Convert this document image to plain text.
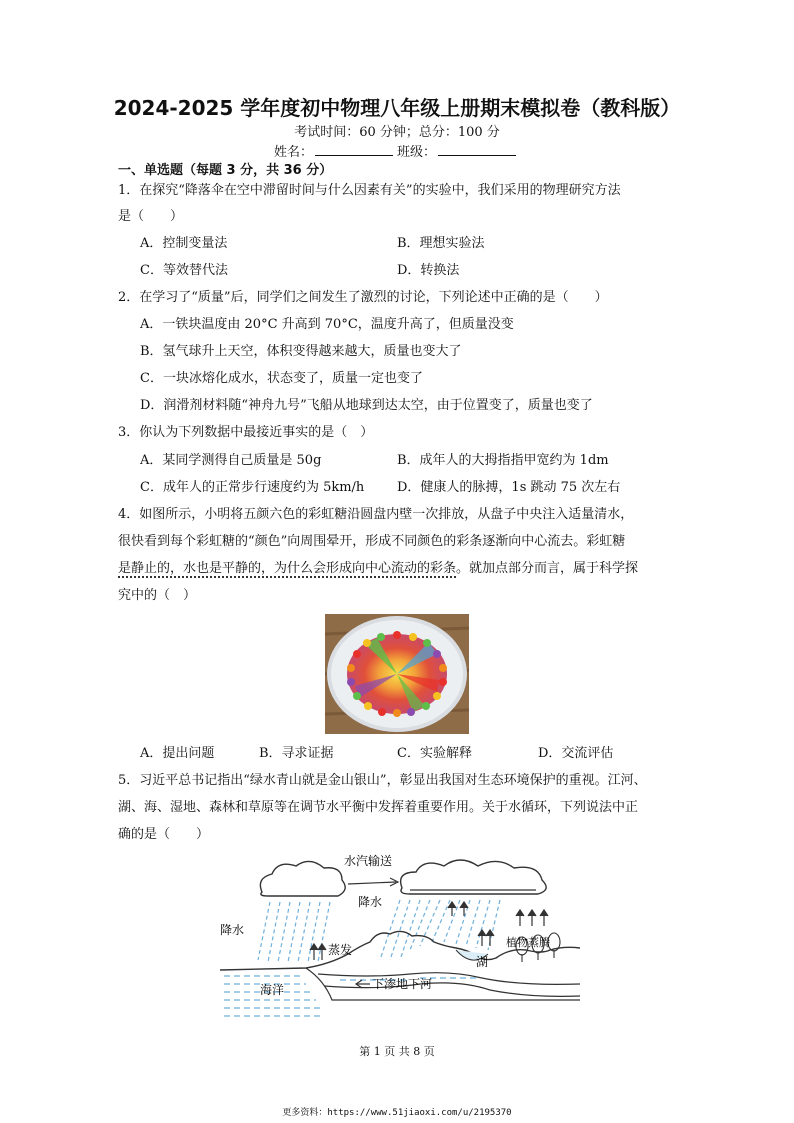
2024-2025 学年度初中物理八年级上册期末模拟卷（教科版）
考试时间：60 分钟；总分：100 分
姓名：	班级：
一、单选题（每题 3 分，共 36 分）
1．在探究“降落伞在空中滞留时间与什么因素有关”的实验中，我们采用的物理研究方法
是（　　）
A．控制变量法	B．理想实验法
C．等效替代法	D．转换法
2．在学习了“质量”后，同学们之间发生了激烈的讨论，下列论述中正确的是（　　）
A．一铁块温度由 20°C 升高到 70°C，温度升高了，但质量没变
B．氢气球升上天空，体积变得越来越大，质量也变大了
C．一块冰熔化成水，状态变了，质量一定也变了
D．润滑剂材料随“神舟九号”飞船从地球到达太空，由于位置变了，质量也变了
3．你认为下列数据中最接近事实的是（　）
A．某同学测得自己质量是 50g	B．成年人的大拇指指甲宽约为 1dm
C．成年人的正常步行速度约为 5km/h	D．健康人的脉搏，1s 跳动 75 次左右
4．如图所示，小明将五颜六色的彩虹糖沿圆盘内壁一次排放，从盘子中央注入适量清水，
很快看到每个彩虹糖的“颜色”向周围晕开，形成不同颜色的彩条逐渐向中心流去。彩虹糖
是静止的，水也是平静的，为什么会形成向中心流动的彩条。就加点部分而言，属于科学探
究中的（　）
A．提出问题	B．寻求证据	C．实验解释	D．交流评估
5．习近平总书记指出“绿水青山就是金山银山”，彰显出我国对生态环境保护的重视。江河、
湖、海、湿地、森林和草原等在调节水平衡中发挥着重要作用。关于水循环，下列说法中正
确的是（　　）
水汽输送
降水
降水
蒸发
植物蒸腾
湖
海洋	下渗地下河
第 1 页 共 8 页
更多资料：https://www.51jiaoxi.com/u/2195370
